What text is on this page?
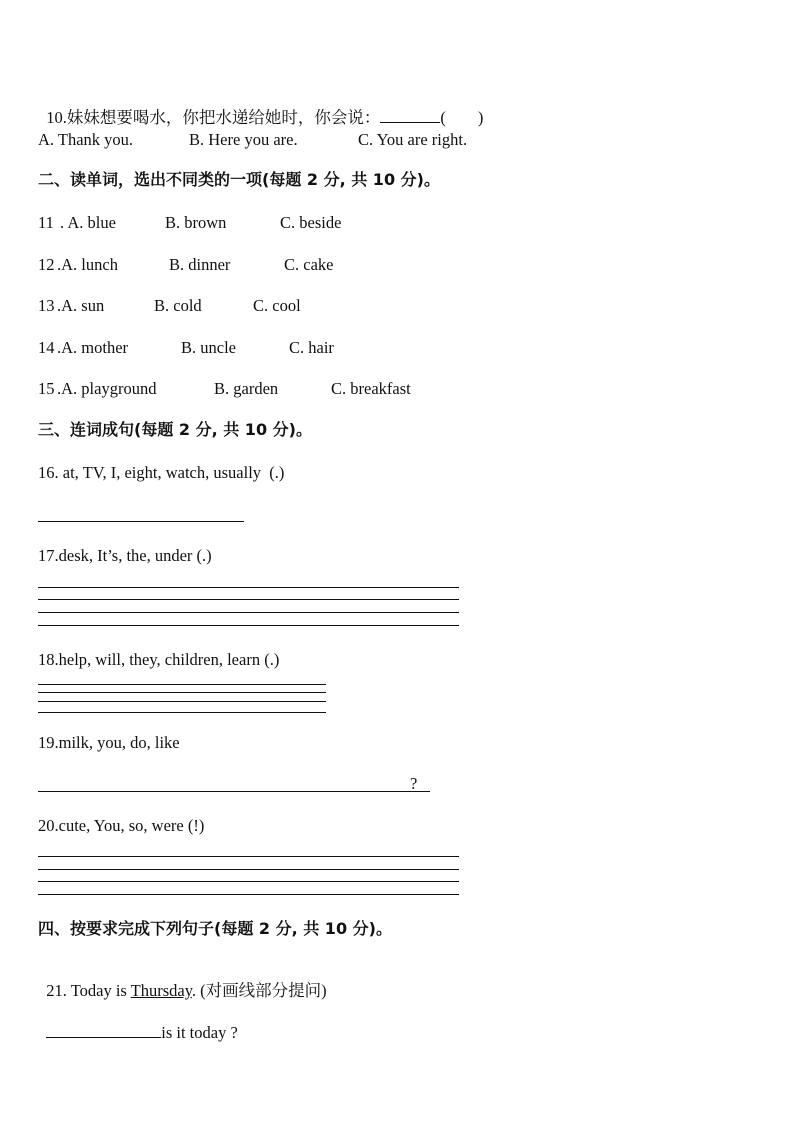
10.妹妹想要喝水，你把水递给她时，你会说：	( )

A. Thank you.

	B. Here you are.

	C. You are right.

二、读单词，选出不同类的一项(每题 2 分, 共 10 分)。

11

. A. blue

	B. brown

	C. beside

12

.A. lunch

	B. dinner

	C. cake

13

.A. sun

	B. cold

	C. cool

14

.A. mother

	B. uncle

	C. hair

15

.A. playground

	B. garden

	C. breakfast

三、连词成句(每题 2 分, 共 10 分)。
16. at, TV, I, eight, watch, usually  (.)
17.desk, It’s, the, under (.)
18.help, will, they, children, learn (.)
19.milk, you, do, like
?
20.cute, You, so, were (!)
四、按要求完成下列句子(每题 2 分, 共 10 分)。

21. Today is Thursday. (对画线部分提问)

is it today ?
